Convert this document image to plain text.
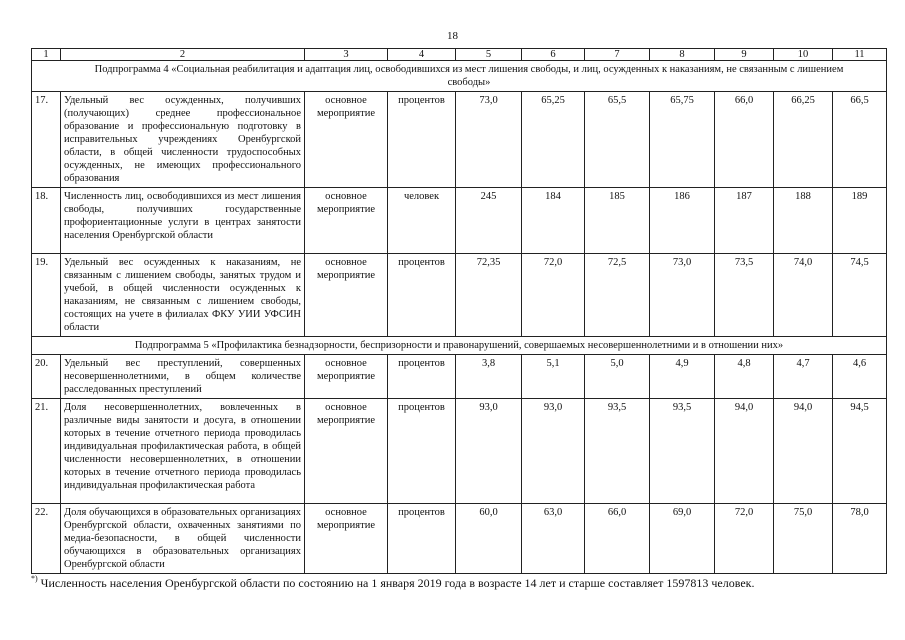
18
1	2	3	4	5	6	7	8	9	10	11
Подпрограмма 4 «Социальная реабилитация и адаптация лиц, освободившихся из мест лишения свободы, и лиц, осужденных к наказаниям, не связанным с лишением свободы»										
17.	Удельный вес осужденных, получивших (получающих) среднее профессиональное образование и профессиональную подготовку в исправительных учреждениях Оренбургской области, в общей численности трудоспособных осужденных, не имеющих профессионального образования	основное мероприятие	процентов	73,0	65,25	65,5	65,75	66,0	66,25	66,5
18.	Численность лиц, освободившихся из мест лишения свободы, получивших государственные профориентационные услуги в центрах занятости населения Оренбургской области	основное мероприятие	человек	245	184	185	186	187	188	189
19.	Удельный вес осужденных к наказаниям, не связанным с лишением свободы, занятых трудом и учебой, в общей численности осужденных к наказаниям, не связанным с лишением свободы, состоящих на учете в филиалах ФКУ УИИ УФСИН области	основное мероприятие	процентов	72,35	72,0	72,5	73,0	73,5	74,0	74,5
Подпрограмма 5 «Профилактика безнадзорности, беспризорности и правонарушений, совершаемых несовершеннолетними и в отношении них»										
20.	Удельный вес преступлений, совершенных несовершеннолетними, в общем количестве расследованных преступлений	основное мероприятие	процентов	3,8	5,1	5,0	4,9	4,8	4,7	4,6
21.	Доля несовершеннолетних, вовлеченных в различные виды занятости и досуга, в отношении которых в течение отчетного периода проводилась индивидуальная профилактическая работа, в общей численности несовершеннолетних, в отношении которых в течение отчетного периода проводилась индивидуальная профилактическая работа	основное мероприятие	процентов	93,0	93,0	93,5	93,5	94,0	94,0	94,5
22.	Доля обучающихся в образовательных организациях Оренбургской области, охваченных занятиями по медиа-безопасности, в общей численности обучающихся в образовательных организациях Оренбургской области	основное мероприятие	процентов	60,0	63,0	66,0	69,0	72,0	75,0	78,0
*) Численность населения Оренбургской области по состоянию на 1 января 2019 года в возрасте 14 лет и старше составляет 1597813 человек.
